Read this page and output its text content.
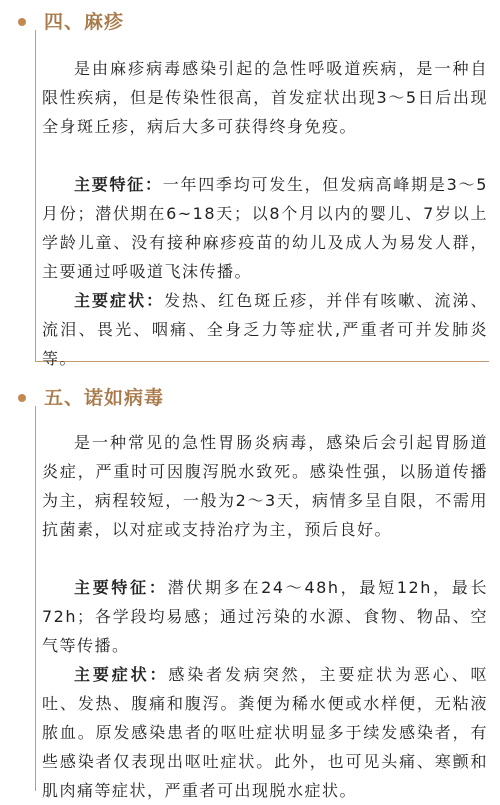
四、麻疹

是由麻疹病毒感染引起的急性呼吸道疾病，是一种自限性疾病，但是传染性很高，首发症状出现3～5日后出现全身斑丘疹，病后大多可获得终身免疫。

主要特征：一年四季均可发生，但发病高峰期是3～5月份；潜伏期在6~18天；以8个月以内的婴儿、7岁以上学龄儿童、没有接种麻疹疫苗的幼儿及成人为易发人群，主要通过呼吸道飞沫传播。

主要症状：发热、红色斑丘疹，并伴有咳嗽、流涕、流泪、畏光、咽痛、全身乏力等症状,严重者可并发肺炎等。

五、诺如病毒

是一种常见的急性胃肠炎病毒，感染后会引起胃肠道炎症，严重时可因腹泻脱水致死。感染性强，以肠道传播为主，病程较短，一般为2～3天，病情多呈自限，不需用抗菌素，以对症或支持治疗为主，预后良好。

主要特征：潜伏期多在24～48h，最短12h，最长72h；各学段均易感；通过污染的水源、食物、物品、空气等传播。

主要症状：感染者发病突然，主要症状为恶心、呕吐、发热、腹痛和腹泻。粪便为稀水便或水样便，无粘液脓血。原发感染患者的呕吐症状明显多于续发感染者，有些感染者仅表现出呕吐症状。此外，也可见头痛、寒颤和肌肉痛等症状，严重者可出现脱水症状。
